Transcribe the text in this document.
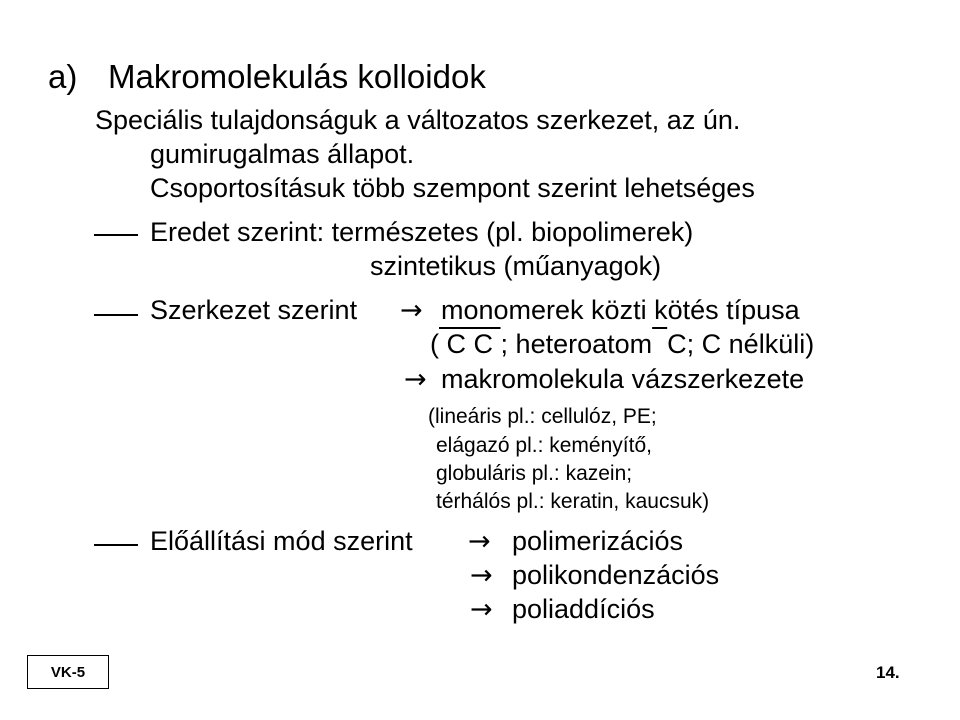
a) Makromolekulás kolloidok
Speciális tulajdonságuk a változatos szerkezet, az ún.
gumirugalmas állapot.
Csoportosításuk több szempont szerint lehetséges
Eredet szerint: természetes (pl. biopolimerek)
szintetikus (műanyagok)
Szerkezet szerint → monomerek közti kötés típusa
( C C ; heteroatom C; C nélküli)
→ makromolekula vázszerkezete
(lineáris pl.: cellulóz, PE;
elágazó pl.: keményítő,
globuláris pl.: kazein;
térhálós pl.: keratin, kaucsuk)
Előállítási mód szerint → polimerizációs
→ polikondenzációs
→ poliaddíciós
VK-5	14.
